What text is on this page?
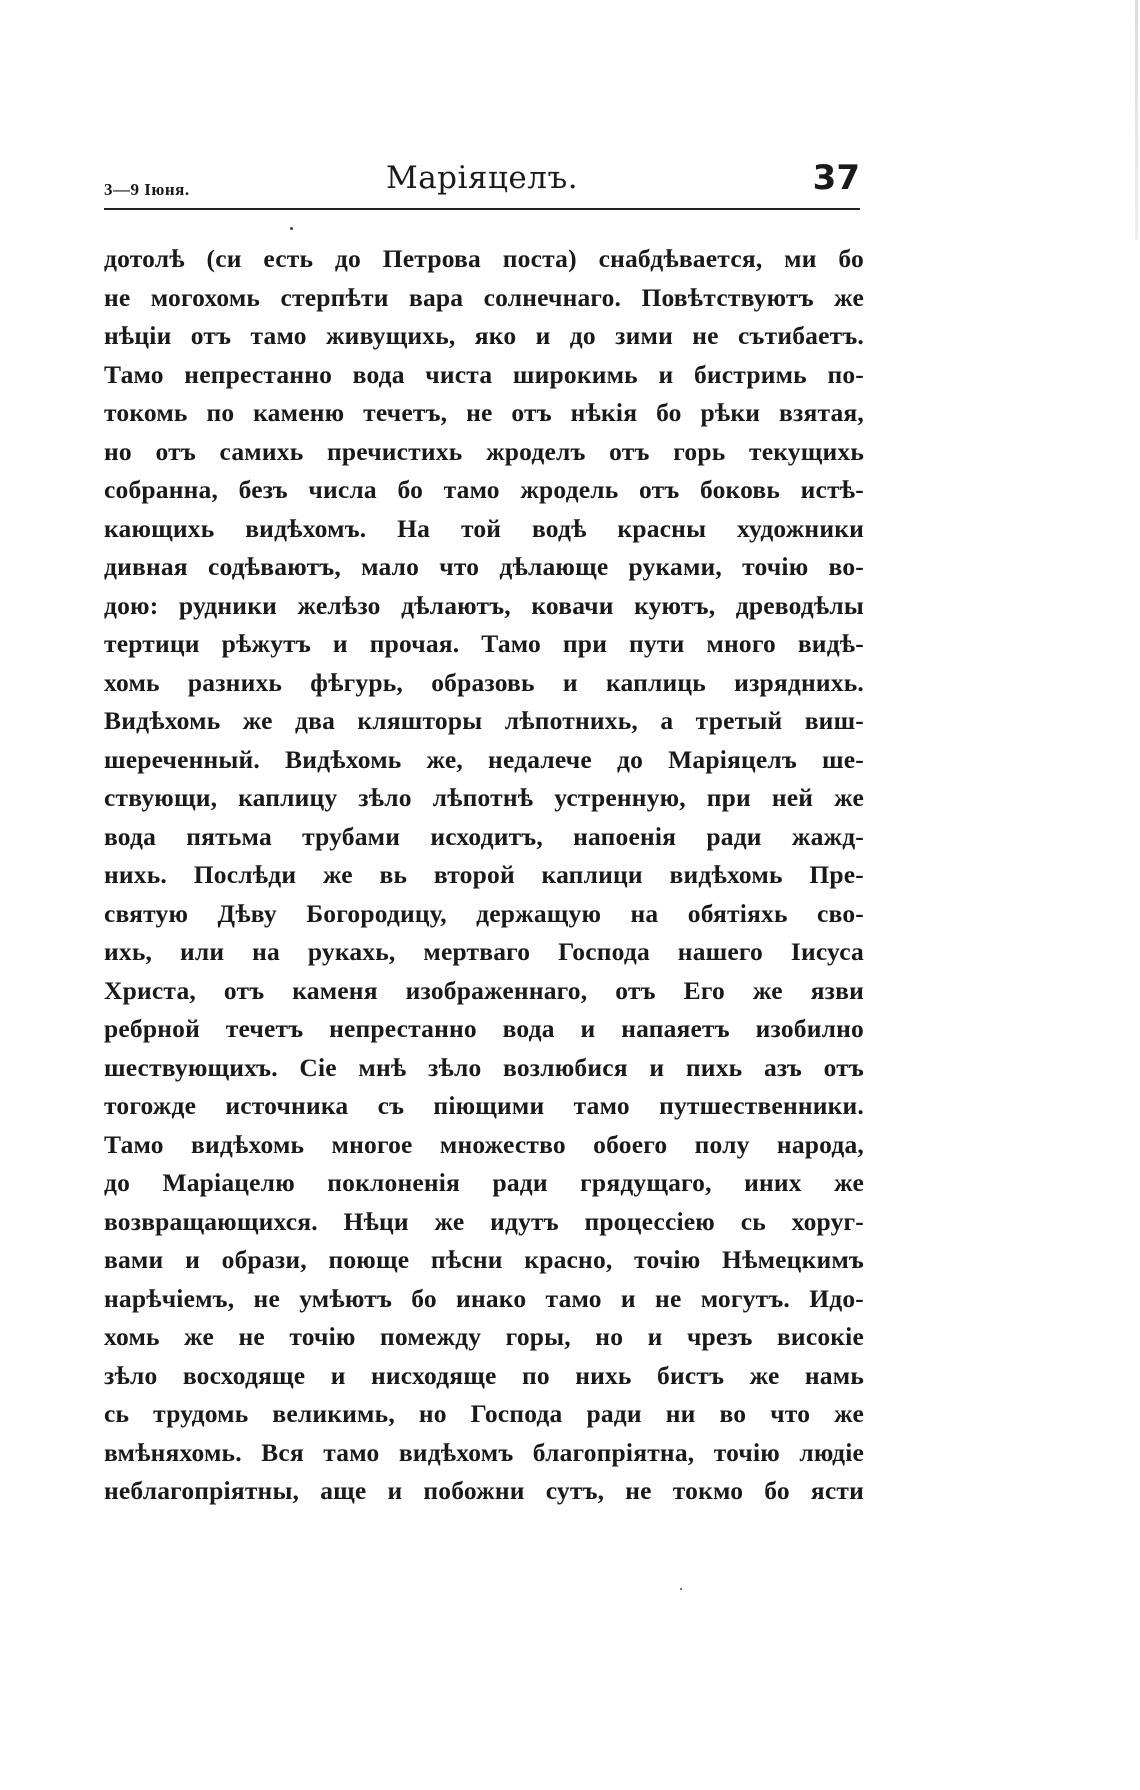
3—9 Іюня.	Маріяцелъ.	37
дотолѣ (си есть до Петрова поста) снабдѣвается, ми бо
не могохомь стерпѣти вара солнечнаго. Повѣтствуютъ же
нѣціи отъ тамо живущихь, яко и до зими не сътибаетъ.
Тамо непрестанно вода чиста широкимь и бистримь по-
токомь по каменю течетъ, не отъ нѣкія бо рѣки взятая,
но отъ самихь пречистихь жроделъ отъ горь текущихь
собранна, безъ числа бо тамо жродель отъ боковь истѣ-
кающихь видѣхомъ. На той водѣ красны художники
дивная содѣваютъ, мало что дѣлающе руками, точію во-
дою: рудники желѣзо дѣлаютъ, ковачи куютъ, древодѣлы
тертици рѣжутъ и прочая. Тамо при пути много видѣ-
хомь разнихь фѣгурь, образовь и каплиць изряднихь.
Видѣхомь же два кляшторы лѣпотнихь, а третый виш-
шереченный. Видѣхомь же, недалече до Маріяцелъ ше-
ствующи, каплицу зѣло лѣпотнѣ устренную, при ней же
вода пятьма трубами исходитъ, напоенія ради жажд-
нихь. Послѣди же вь второй каплици видѣхомь Пре-
святую Дѣву Богородицу, держащую на обятіяхь сво-
ихь, или на рукахь, мертваго Господа нашего Іисуса
Христа, отъ каменя изображеннаго, отъ Его же язви
ребрной течетъ непрестанно вода и напаяетъ изобилно
шествующихъ. Сіе мнѣ зѣло возлюбися и пихь азъ отъ
тогожде источника съ піющими тамо путшественники.
Тамо видѣхомь многое множество обоего полу народа,
до Маріацелю поклоненія ради грядущаго, иних же
возвращающихся. Нѣци же идутъ процессіею сь хоруг-
вами и образи, поюще пѣсни красно, точію Нѣмецкимъ
нарѣчіемъ, не умѣютъ бо инако тамо и не могутъ. Идо-
хомь же не точію помежду горы, но и чрезъ високіе
зѣло восходяще и нисходяще по нихь бистъ же намь
сь трудомь великимь, но Господа ради ни во что же
вмѣняхомь. Вся тамо видѣхомъ благопріятна, точію людіе
неблагопріятны, аще и побожни сутъ, не токмо бо ясти
